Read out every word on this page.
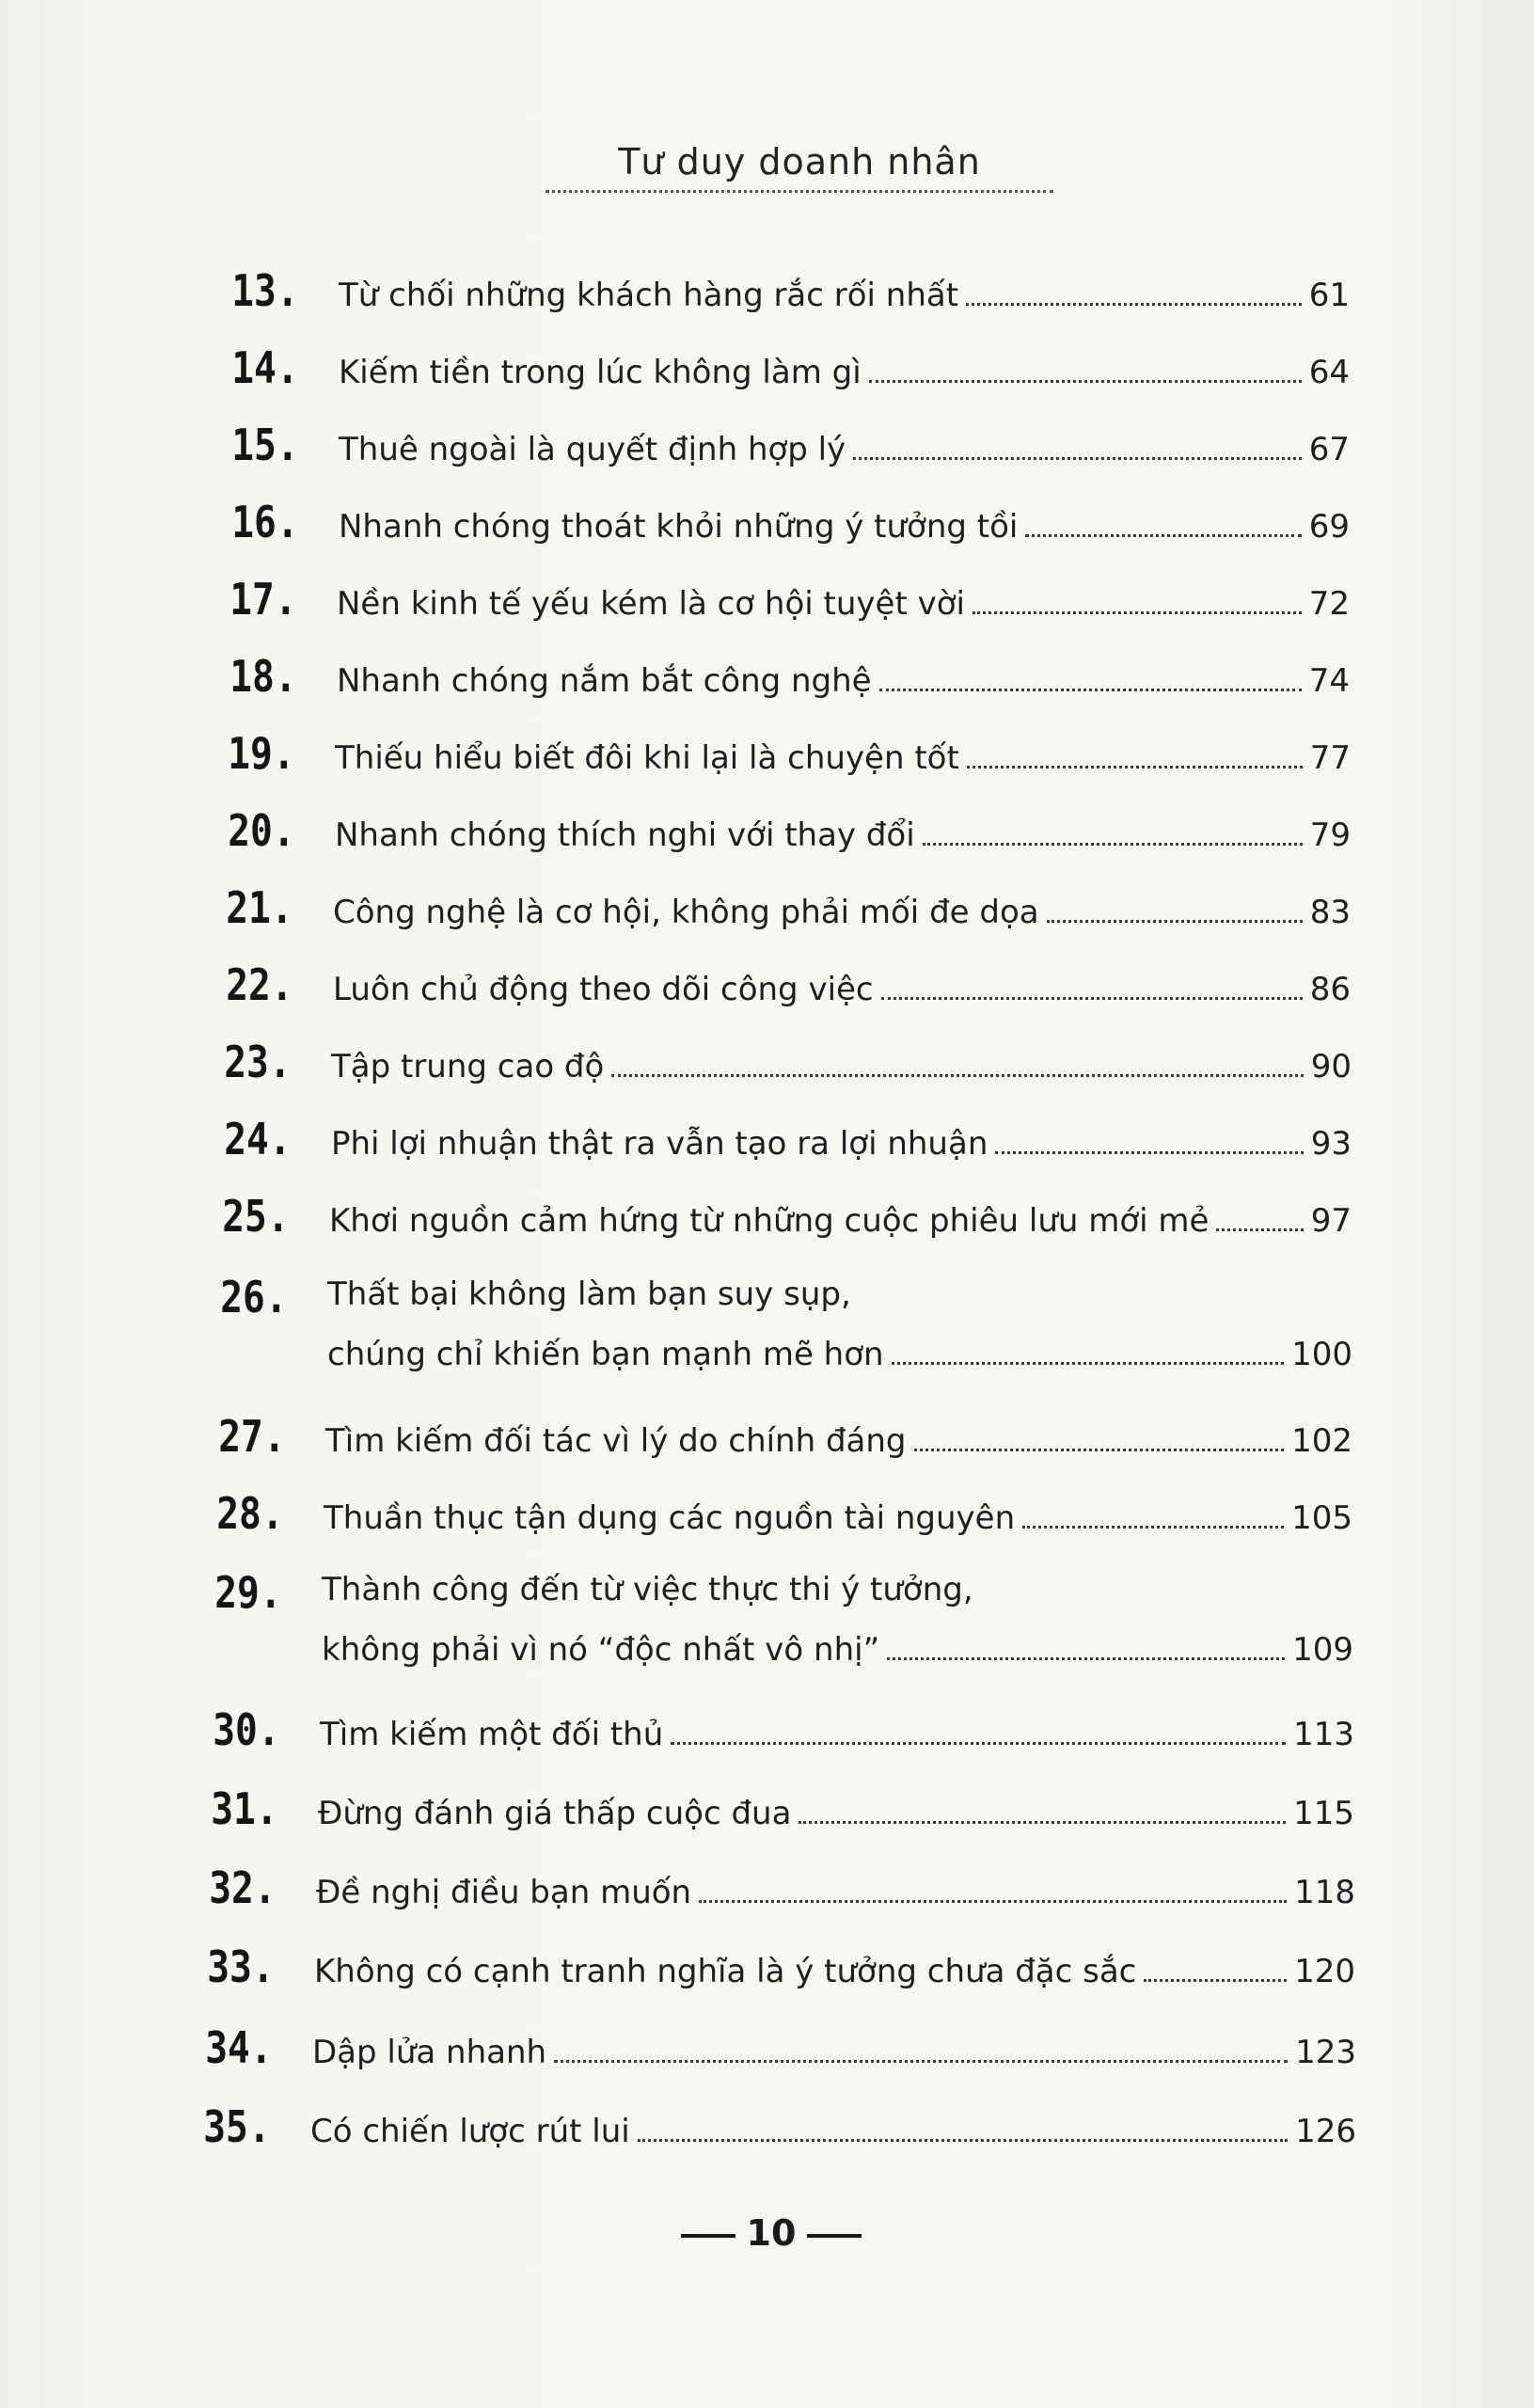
Tư duy doanh nhân
13. Từ chối những khách hàng rắc rối nhất	61
14. Kiếm tiền trong lúc không làm gì	64
15. Thuê ngoài là quyết định hợp lý	67
16. Nhanh chóng thoát khỏi những ý tưởng tồi	69
17. Nền kinh tế yếu kém là cơ hội tuyệt vời	72
18. Nhanh chóng nắm bắt công nghệ	74
19. Thiếu hiểu biết đôi khi lại là chuyện tốt	77
20. Nhanh chóng thích nghi với thay đổi	79
21. Công nghệ là cơ hội, không phải mối đe dọa	83
22. Luôn chủ động theo dõi công việc	86
23. Tập trung cao độ	90
24. Phi lợi nhuận thật ra vẫn tạo ra lợi nhuận	93
25. Khơi nguồn cảm hứng từ những cuộc phiêu lưu mới mẻ	97
26. Thất bại không làm bạn suy sụp,
chúng chỉ khiến bạn mạnh mẽ hơn	100
27. Tìm kiếm đối tác vì lý do chính đáng	102
28. Thuần thục tận dụng các nguồn tài nguyên	105
29. Thành công đến từ việc thực thi ý tưởng,
không phải vì nó “độc nhất vô nhị”	109
30. Tìm kiếm một đối thủ	113
31. Đừng đánh giá thấp cuộc đua	115
32. Đề nghị điều bạn muốn	118
33. Không có cạnh tranh nghĩa là ý tưởng chưa đặc sắc	120
34. Dập lửa nhanh	123
35. Có chiến lược rút lui	126
10
